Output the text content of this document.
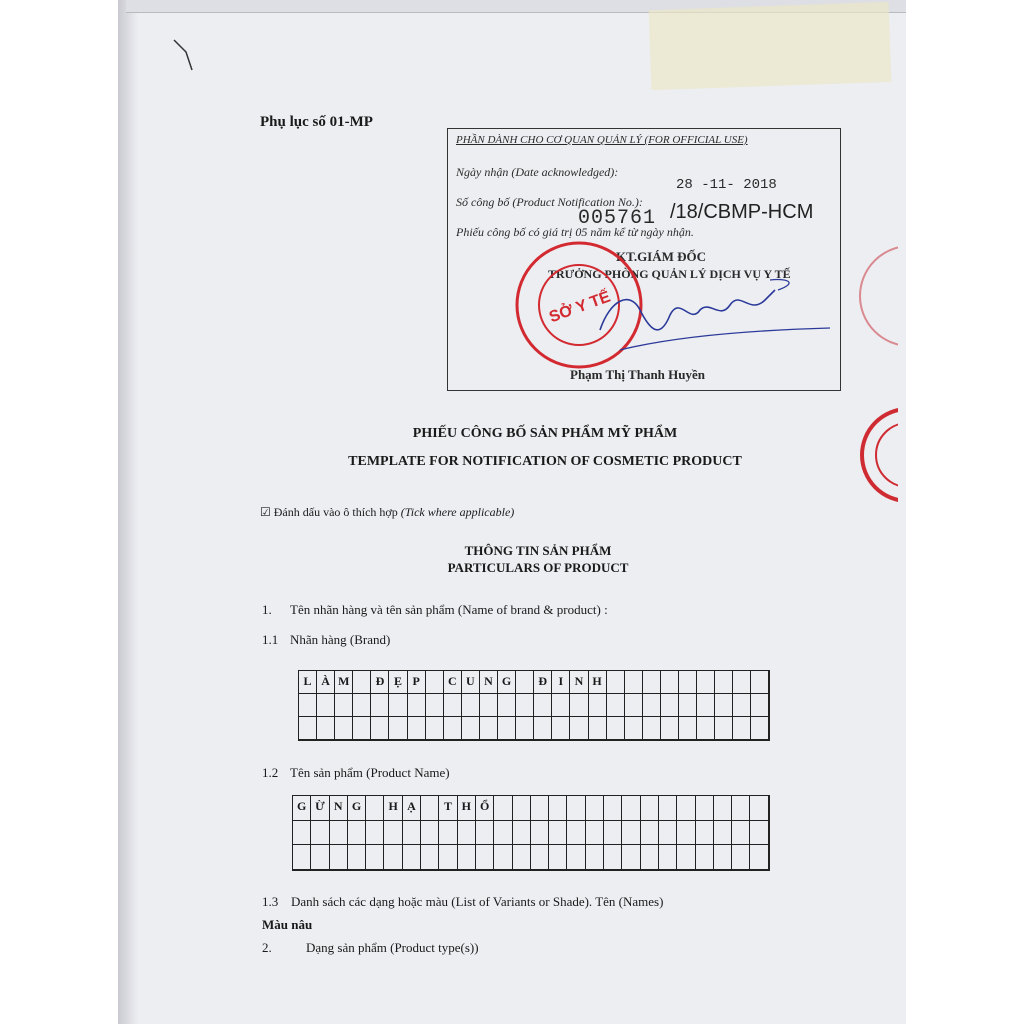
Phụ lục số 01-MP

PHẦN DÀNH CHO CƠ QUAN QUẢN LÝ (FOR OFFICIAL USE)
Ngày nhận (Date acknowledged):
28 -11- 2018
Số công bố (Product Notification No.):
005761 /18/CBMP-HCM
Phiếu công bố có giá trị 05 năm kể từ ngày nhận.
KT.GIÁM ĐỐC
TRƯỞNG PHÒNG QUẢN LÝ DỊCH VỤ Y TẾ
Phạm Thị Thanh Huyền
SỞ Y TẾ
PHIẾU CÔNG BỐ SẢN PHẨM MỸ PHẨM
TEMPLATE FOR NOTIFICATION OF COSMETIC PRODUCT
☑ Đánh dấu vào ô thích hợp (Tick where applicable)
THÔNG TIN SẢN PHẨM
PARTICULARS OF PRODUCT
1. Tên nhãn hàng và tên sản phẩm (Name of brand & product) :
1.1 Nhãn hàng (Brand)
L À M	Đ Ẹ P	C U N G	Đ I N H
1.2 Tên sản phẩm (Product Name)
G Ừ N G	H Ạ	T H Ổ
1.3 Danh sách các dạng hoặc màu (List of Variants or Shade). Tên (Names)
Màu nâu
2.	Dạng sản phẩm (Product type(s))
